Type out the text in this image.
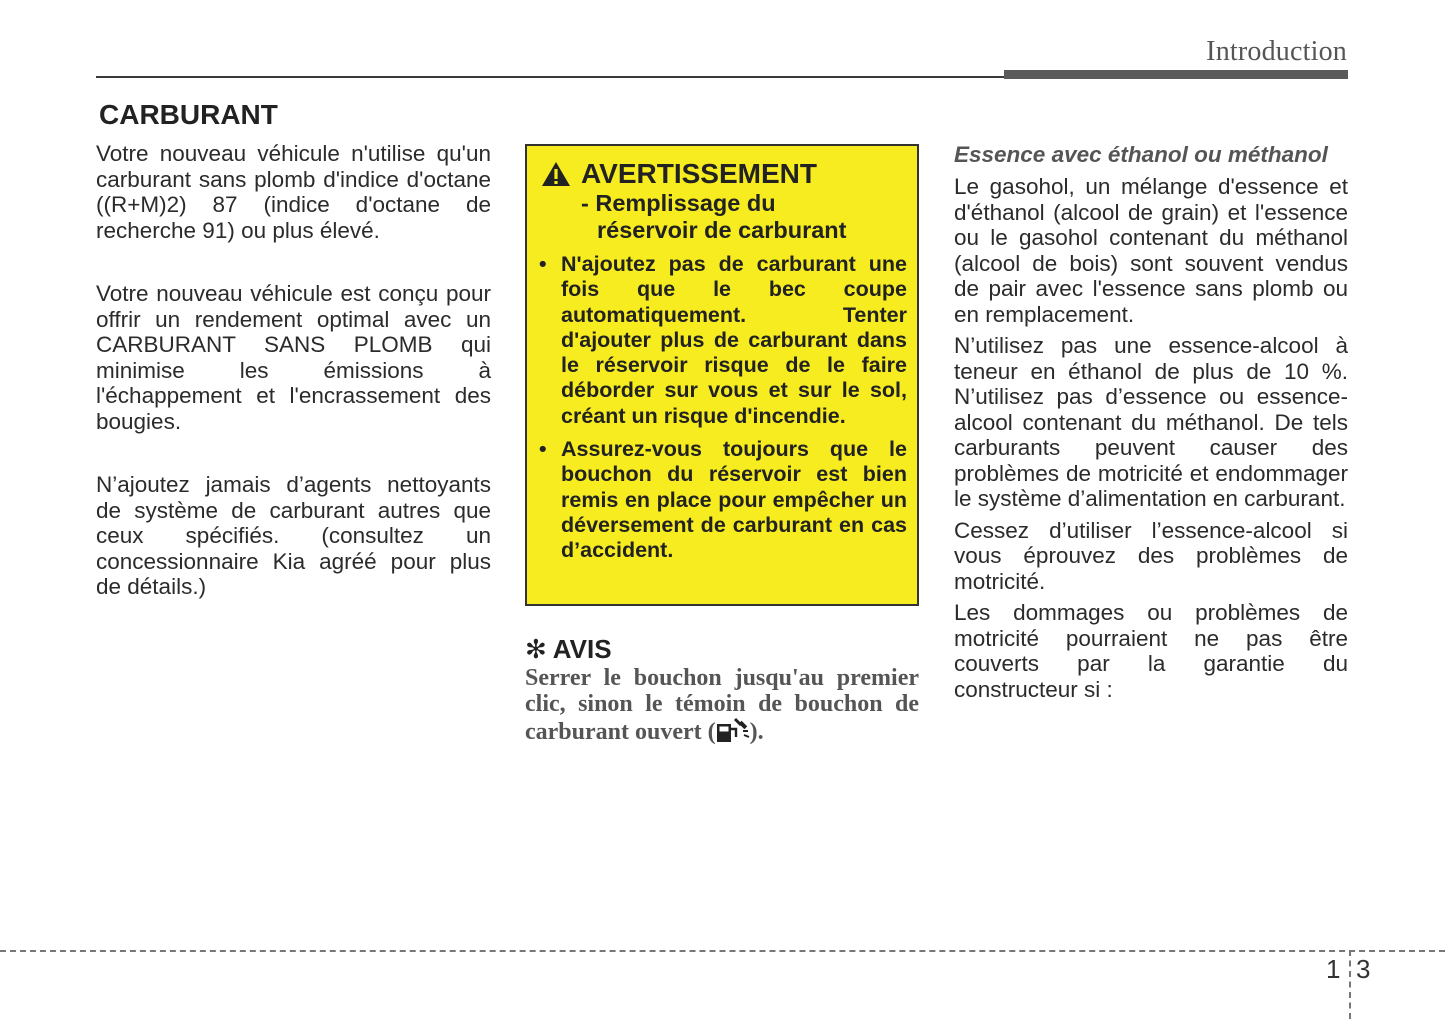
Introduction
CARBURANT

Votre nouveau véhicule n'utilise qu'un carburant sans plomb d'indice d'octane ((R+M)2) 87 (indice d'octane de recherche 91) ou plus élevé.

Votre nouveau véhicule est conçu pour offrir un rendement optimal avec un CARBURANT SANS PLOMB qui minimise les émissions à l'échappement et l'encrassement des bougies.

N’ajoutez jamais d’agents nettoyants de système de carburant autres que ceux spécifiés. (consultez un concessionnaire Kia agréé pour plus de détails.)

AVERTISSEMENT
- Remplissage du
réservoir de carburant
• N'ajoutez pas de carburant une fois que le bec coupe automatiquement. Tenter d'ajouter plus de carburant dans le réservoir risque de le faire déborder sur vous et sur le sol, créant un risque d'incendie.
• Assurez-vous toujours que le bouchon du réservoir est bien remis en place pour empêcher un déversement de carburant en cas d’accident.
✻ AVIS

Serrer le bouchon jusqu'au premier clic, sinon le témoin de bouchon de carburant ouvert ( ).

Essence avec éthanol ou méthanol

Le gasohol, un mélange d'essence et d'éthanol (alcool de grain) et l'essence ou le gasohol contenant du méthanol (alcool de bois) sont souvent vendus de pair avec l'essence sans plomb ou en remplacement.

N’utilisez pas une essence-alcool à teneur en éthanol de plus de 10 %. N’utilisez pas d’essence ou essence-alcool contenant du méthanol. De tels carburants peuvent causer des problèmes de motricité et endommager le système d’alimentation en carburant.

Cessez d’utiliser l’essence-alcool si vous éprouvez des problèmes de motricité.

Les dommages ou problèmes de motricité pourraient ne pas être couverts par la garantie du constructeur si :

1 3
